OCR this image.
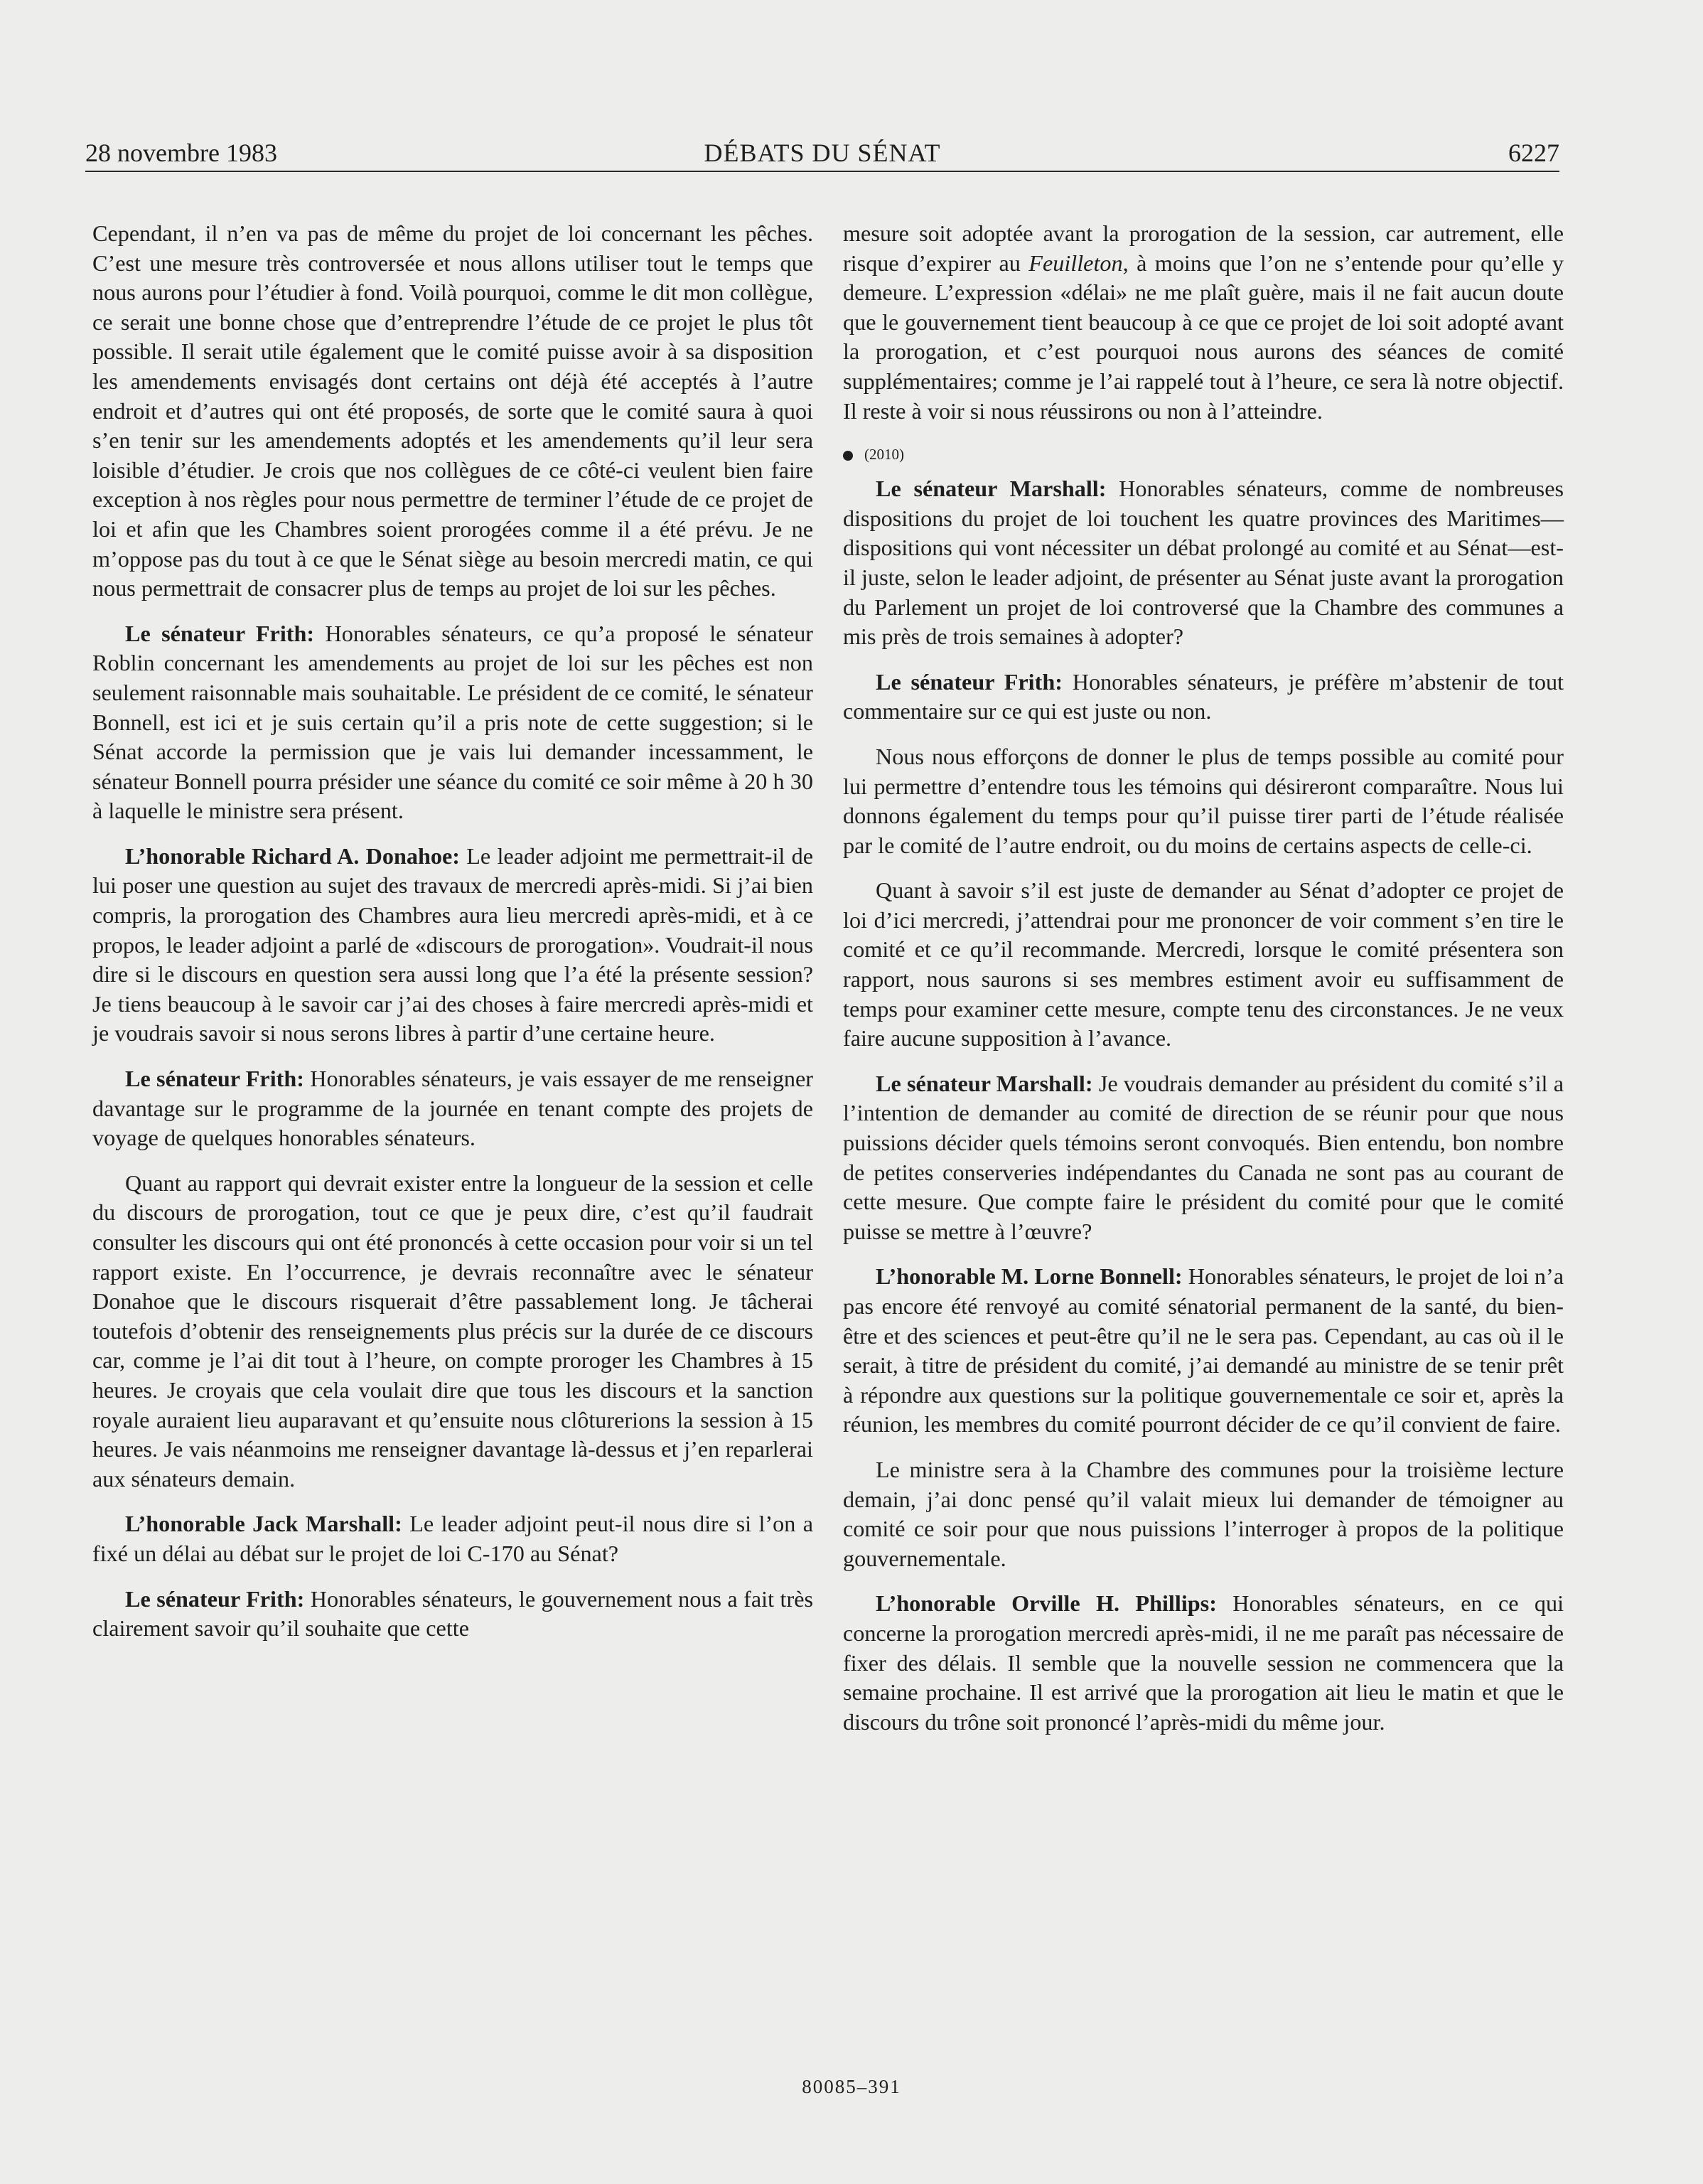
28 novembre 1983	DÉBATS DU SÉNAT	6227

Cependant, il n’en va pas de même du projet de loi concernant les pêches. C’est une mesure très controversée et nous allons utiliser tout le temps que nous aurons pour l’étudier à fond. Voilà pourquoi, comme le dit mon collègue, ce serait une bonne chose que d’entreprendre l’étude de ce projet le plus tôt possible. Il serait utile également que le comité puisse avoir à sa disposition les amendements envisagés dont certains ont déjà été acceptés à l’autre endroit et d’autres qui ont été proposés, de sorte que le comité saura à quoi s’en tenir sur les amendements adoptés et les amendements qu’il leur sera loisible d’étudier. Je crois que nos collègues de ce côté-ci veulent bien faire exception à nos règles pour nous permettre de terminer l’étude de ce projet de loi et afin que les Chambres soient prorogées comme il a été prévu. Je ne m’oppose pas du tout à ce que le Sénat siège au besoin mercredi matin, ce qui nous permettrait de consacrer plus de temps au projet de loi sur les pêches.

Le sénateur Frith: Honorables sénateurs, ce qu’a proposé le sénateur Roblin concernant les amendements au projet de loi sur les pêches est non seulement raisonnable mais souhaitable. Le président de ce comité, le sénateur Bonnell, est ici et je suis certain qu’il a pris note de cette suggestion; si le Sénat accorde la permission que je vais lui demander incessamment, le sénateur Bonnell pourra présider une séance du comité ce soir même à 20 h 30 à laquelle le ministre sera présent.

L’honorable Richard A. Donahoe: Le leader adjoint me permettrait-il de lui poser une question au sujet des travaux de mercredi après-midi. Si j’ai bien compris, la prorogation des Chambres aura lieu mercredi après-midi, et à ce propos, le leader adjoint a parlé de «discours de prorogation». Voudrait-il nous dire si le discours en question sera aussi long que l’a été la présente session? Je tiens beaucoup à le savoir car j’ai des choses à faire mercredi après-midi et je voudrais savoir si nous serons libres à partir d’une certaine heure.

Le sénateur Frith: Honorables sénateurs, je vais essayer de me renseigner davantage sur le programme de la journée en tenant compte des projets de voyage de quelques honorables sénateurs.

Quant au rapport qui devrait exister entre la longueur de la session et celle du discours de prorogation, tout ce que je peux dire, c’est qu’il faudrait consulter les discours qui ont été prononcés à cette occasion pour voir si un tel rapport existe. En l’occurrence, je devrais reconnaître avec le sénateur Donahoe que le discours risquerait d’être passablement long. Je tâcherai toutefois d’obtenir des renseignements plus précis sur la durée de ce discours car, comme je l’ai dit tout à l’heure, on compte proroger les Chambres à 15 heures. Je croyais que cela voulait dire que tous les discours et la sanction royale auraient lieu auparavant et qu’ensuite nous clôturerions la session à 15 heures. Je vais néanmoins me renseigner davantage là-dessus et j’en reparlerai aux sénateurs demain.

L’honorable Jack Marshall: Le leader adjoint peut-il nous dire si l’on a fixé un délai au débat sur le projet de loi C-170 au Sénat?

Le sénateur Frith: Honorables sénateurs, le gouvernement nous a fait très clairement savoir qu’il souhaite que cette

mesure soit adoptée avant la prorogation de la session, car autrement, elle risque d’expirer au Feuilleton, à moins que l’on ne s’entende pour qu’elle y demeure. L’expression «délai» ne me plaît guère, mais il ne fait aucun doute que le gouvernement tient beaucoup à ce que ce projet de loi soit adopté avant la prorogation, et c’est pourquoi nous aurons des séances de comité supplémentaires; comme je l’ai rappelé tout à l’heure, ce sera là notre objectif. Il reste à voir si nous réussirons ou non à l’atteindre.

(2010)

Le sénateur Marshall: Honorables sénateurs, comme de nombreuses dispositions du projet de loi touchent les quatre provinces des Maritimes—dispositions qui vont nécessiter un débat prolongé au comité et au Sénat—est-il juste, selon le leader adjoint, de présenter au Sénat juste avant la prorogation du Parlement un projet de loi controversé que la Chambre des communes a mis près de trois semaines à adopter?

Le sénateur Frith: Honorables sénateurs, je préfère m’abstenir de tout commentaire sur ce qui est juste ou non.

Nous nous efforçons de donner le plus de temps possible au comité pour lui permettre d’entendre tous les témoins qui désireront comparaître. Nous lui donnons également du temps pour qu’il puisse tirer parti de l’étude réalisée par le comité de l’autre endroit, ou du moins de certains aspects de celle-ci.

Quant à savoir s’il est juste de demander au Sénat d’adopter ce projet de loi d’ici mercredi, j’attendrai pour me prononcer de voir comment s’en tire le comité et ce qu’il recommande. Mercredi, lorsque le comité présentera son rapport, nous saurons si ses membres estiment avoir eu suffisamment de temps pour examiner cette mesure, compte tenu des circonstances. Je ne veux faire aucune supposition à l’avance.

Le sénateur Marshall: Je voudrais demander au président du comité s’il a l’intention de demander au comité de direction de se réunir pour que nous puissions décider quels témoins seront convoqués. Bien entendu, bon nombre de petites conserveries indépendantes du Canada ne sont pas au courant de cette mesure. Que compte faire le président du comité pour que le comité puisse se mettre à l’œuvre?

L’honorable M. Lorne Bonnell: Honorables sénateurs, le projet de loi n’a pas encore été renvoyé au comité sénatorial permanent de la santé, du bien-être et des sciences et peut-être qu’il ne le sera pas. Cependant, au cas où il le serait, à titre de président du comité, j’ai demandé au ministre de se tenir prêt à répondre aux questions sur la politique gouvernementale ce soir et, après la réunion, les membres du comité pourront décider de ce qu’il convient de faire.

Le ministre sera à la Chambre des communes pour la troisième lecture demain, j’ai donc pensé qu’il valait mieux lui demander de témoigner au comité ce soir pour que nous puissions l’interroger à propos de la politique gouvernementale.

L’honorable Orville H. Phillips: Honorables sénateurs, en ce qui concerne la prorogation mercredi après-midi, il ne me paraît pas nécessaire de fixer des délais. Il semble que la nouvelle session ne commencera que la semaine prochaine. Il est arrivé que la prorogation ait lieu le matin et que le discours du trône soit prononcé l’après-midi du même jour.

80085–391
